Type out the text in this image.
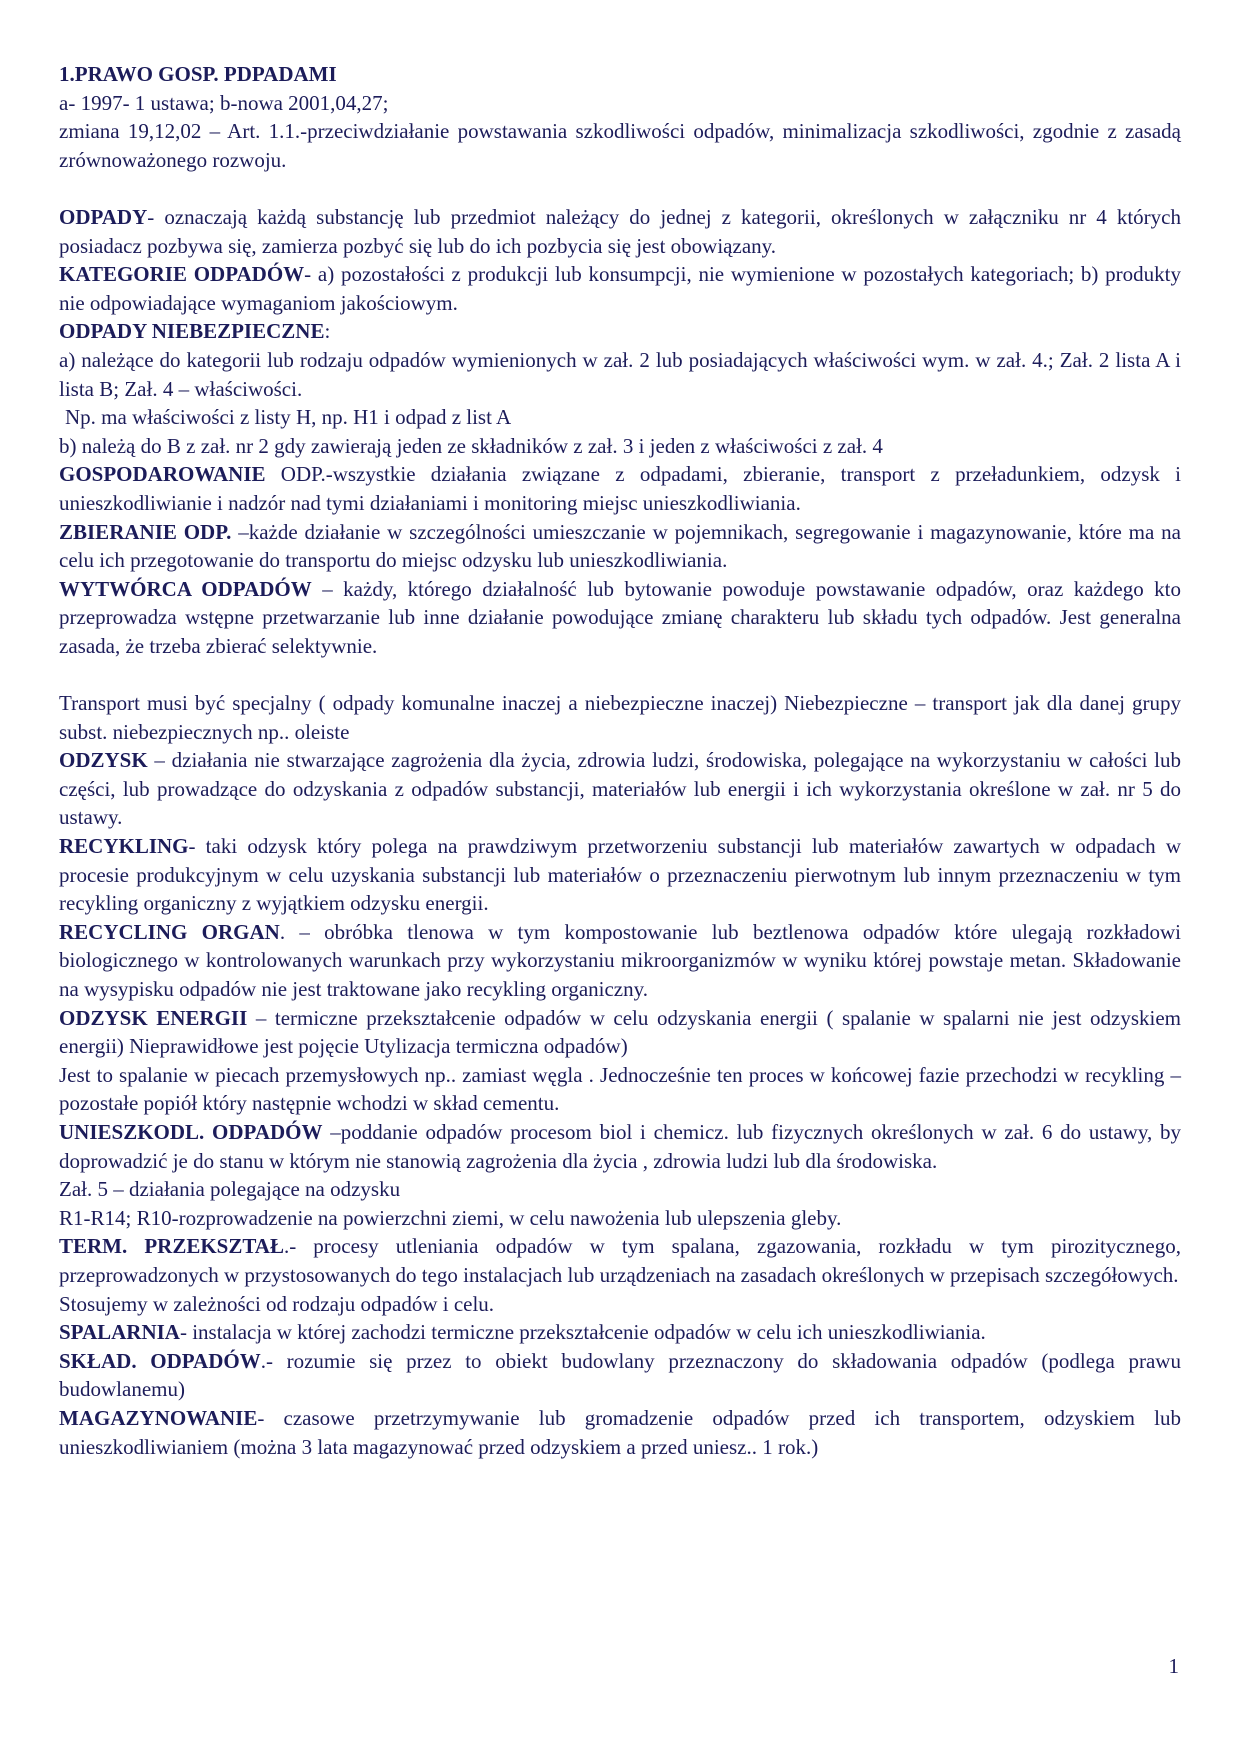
1.PRAWO GOSP. PDPADAMI

a- 1997- 1 ustawa; b-nowa 2001,04,27;

zmiana 19,12,02 – Art. 1.1.-przeciwdziałanie powstawania szkodliwości odpadów, minimalizacja szkodliwości, zgodnie z zasadą zrównoważonego rozwoju.

ODPADY- oznaczają każdą substancję lub przedmiot należący do jednej z kategorii, określonych w załączniku nr 4 których posiadacz pozbywa się, zamierza pozbyć się lub do ich pozbycia się jest obowiązany.

KATEGORIE ODPADÓW- a) pozostałości z produkcji lub konsumpcji, nie wymienione w pozostałych kategoriach; b) produkty nie odpowiadające wymaganiom jakościowym.

ODPADY NIEBEZPIECZNE:

a) należące do kategorii lub rodzaju odpadów wymienionych w zał. 2 lub posiadających właściwości wym. w zał. 4.; Zał. 2 lista A i lista B; Zał. 4 – właściwości.

Np. ma właściwości z listy H, np. H1 i odpad z list A

b) należą do B z zał. nr 2 gdy zawierają jeden ze składników z zał. 3 i jeden z właściwości z zał. 4

GOSPODAROWANIE ODP.-wszystkie działania związane z odpadami, zbieranie, transport z przeładunkiem, odzysk i unieszkodliwianie i nadzór nad tymi działaniami i monitoring miejsc unieszkodliwiania.

ZBIERANIE ODP. –każde działanie w szczególności umieszczanie w pojemnikach, segregowanie i magazynowanie, które ma na celu ich przegotowanie do transportu do miejsc odzysku lub unieszkodliwiania.

WYTWÓRCA ODPADÓW – każdy, którego działalność lub bytowanie powoduje powstawanie odpadów, oraz każdego kto przeprowadza wstępne przetwarzanie lub inne działanie powodujące zmianę charakteru lub składu tych odpadów. Jest generalna zasada, że trzeba zbierać selektywnie.

Transport musi być specjalny ( odpady komunalne inaczej a niebezpieczne inaczej) Niebezpieczne – transport jak dla danej grupy subst. niebezpiecznych np.. oleiste

ODZYSK – działania nie stwarzające zagrożenia dla życia, zdrowia ludzi, środowiska, polegające na wykorzystaniu w całości lub części, lub prowadzące do odzyskania z odpadów substancji, materiałów lub energii i ich wykorzystania określone w zał. nr 5 do ustawy.

RECYKLING- taki odzysk który polega na prawdziwym przetworzeniu substancji lub materiałów zawartych w odpadach w procesie produkcyjnym w celu uzyskania substancji lub materiałów o przeznaczeniu pierwotnym lub innym przeznaczeniu w tym recykling organiczny z wyjątkiem odzysku energii.

RECYCLING ORGAN. – obróbka tlenowa w tym kompostowanie lub beztlenowa odpadów które ulegają rozkładowi biologicznego w kontrolowanych warunkach przy wykorzystaniu mikroorganizmów w wyniku której powstaje metan. Składowanie na wysypisku odpadów nie jest traktowane jako recykling organiczny.

ODZYSK ENERGII – termiczne przekształcenie odpadów w celu odzyskania energii ( spalanie w spalarni nie jest odzyskiem energii) Nieprawidłowe jest pojęcie Utylizacja termiczna odpadów)

Jest to spalanie w piecach przemysłowych np.. zamiast węgla . Jednocześnie ten proces w końcowej fazie przechodzi w recykling – pozostałe popiół który następnie wchodzi w skład cementu.

UNIESZKODL. ODPADÓW –poddanie odpadów procesom biol i chemicz. lub fizycznych określonych w zał. 6 do ustawy, by doprowadzić je do stanu w którym nie stanowią zagrożenia dla życia , zdrowia ludzi lub dla środowiska.

Zał. 5 – działania polegające na odzysku

R1-R14; R10-rozprowadzenie na powierzchni ziemi, w celu nawożenia lub ulepszenia gleby.

TERM. PRZEKSZTAŁ.- procesy utleniania odpadów w tym spalana, zgazowania, rozkładu w tym pirozitycznego, przeprowadzonych w przystosowanych do tego instalacjach lub urządzeniach na zasadach określonych w przepisach szczegółowych.

Stosujemy w zależności od rodzaju odpadów i celu.

SPALARNIA- instalacja w której zachodzi termiczne przekształcenie odpadów w celu ich unieszkodliwiania.

SKŁAD. ODPADÓW.- rozumie się przez to obiekt budowlany przeznaczony do składowania odpadów (podlega prawu budowlanemu)

MAGAZYNOWANIE- czasowe przetrzymywanie lub gromadzenie odpadów przed ich transportem, odzyskiem lub unieszkodliwianiem (można 3 lata magazynować przed odzyskiem a przed uniesz.. 1 rok.)

1
